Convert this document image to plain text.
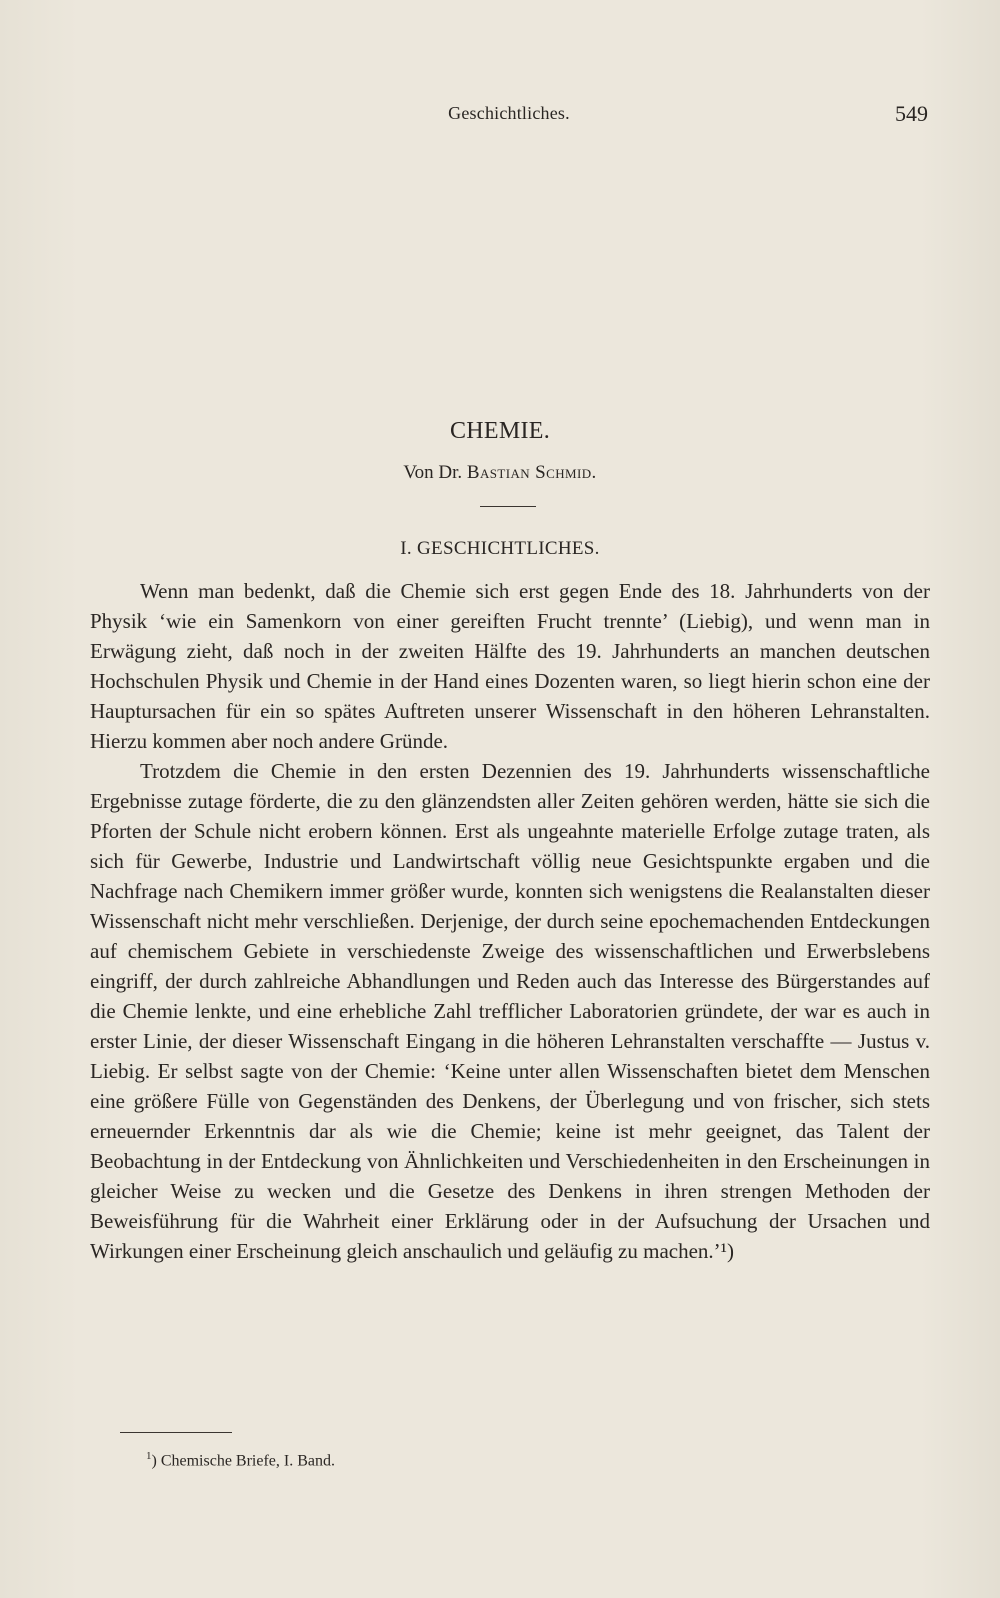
Geschichtliches.	549
CHEMIE.
Von Dr. Bastian Schmid.
I. GESCHICHTLICHES.

Wenn man bedenkt, daß die Chemie sich erst gegen Ende des 18. Jahrhunderts von der Physik ‘wie ein Samenkorn von einer gereiften Frucht trennte’ (Liebig), und wenn man in Erwägung zieht, daß noch in der zweiten Hälfte des 19. Jahrhunderts an manchen deutschen Hochschulen Physik und Chemie in der Hand eines Dozenten waren, so liegt hierin schon eine der Hauptursachen für ein so spätes Auftreten unserer Wissenschaft in den höheren Lehranstalten. Hierzu kommen aber noch andere Gründe.

Trotzdem die Chemie in den ersten Dezennien des 19. Jahrhunderts wissenschaftliche Ergebnisse zutage förderte, die zu den glänzendsten aller Zeiten gehören werden, hätte sie sich die Pforten der Schule nicht erobern können. Erst als ungeahnte materielle Erfolge zutage traten, als sich für Gewerbe, Industrie und Landwirtschaft völlig neue Gesichtspunkte ergaben und die Nachfrage nach Chemikern immer größer wurde, konnten sich wenigstens die Realanstalten dieser Wissenschaft nicht mehr verschließen. Derjenige, der durch seine epochemachenden Entdeckungen auf chemischem Gebiete in verschiedenste Zweige des wissenschaftlichen und Erwerbslebens eingriff, der durch zahlreiche Abhandlungen und Reden auch das Interesse des Bürgerstandes auf die Chemie lenkte, und eine erhebliche Zahl trefflicher Laboratorien gründete, der war es auch in erster Linie, der dieser Wissenschaft Eingang in die höheren Lehranstalten verschaffte — Justus v. Liebig. Er selbst sagte von der Chemie: ‘Keine unter allen Wissenschaften bietet dem Menschen eine größere Fülle von Gegenständen des Denkens, der Überlegung und von frischer, sich stets erneuernder Erkenntnis dar als wie die Chemie; keine ist mehr geeignet, das Talent der Beobachtung in der Entdeckung von Ähnlichkeiten und Verschiedenheiten in den Erscheinungen in gleicher Weise zu wecken und die Gesetze des Denkens in ihren strengen Methoden der Beweisführung für die Wahrheit einer Erklärung oder in der Aufsuchung der Ursachen und Wirkungen einer Erscheinung gleich anschaulich und geläufig zu machen.’¹)

$^1$) Chemische Briefe, I. Band.
